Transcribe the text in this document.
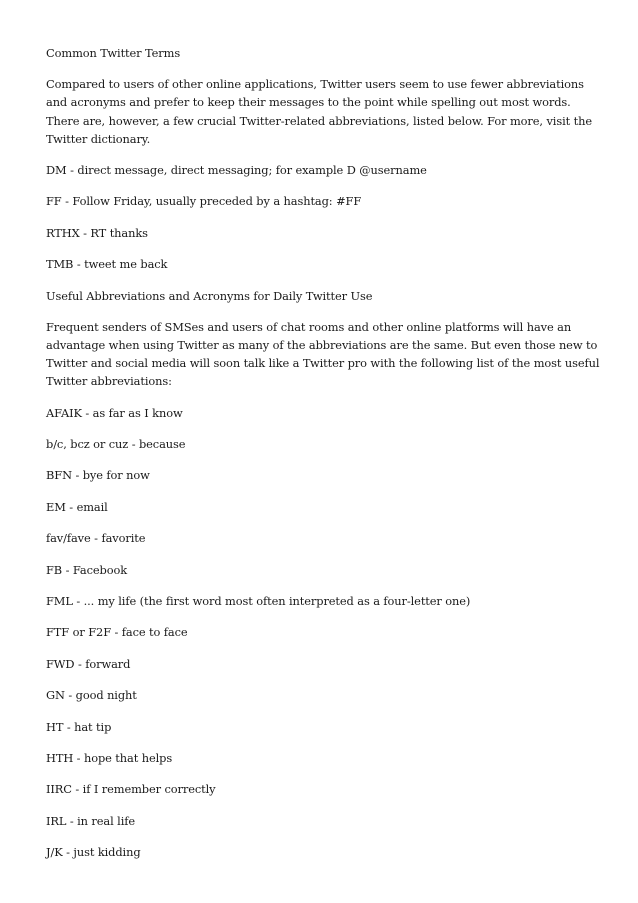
Common Twitter Terms

Compared to users of other online applications, Twitter users seem to use fewer abbreviations and acronyms and prefer to keep their messages to the point while spelling out most words. There are, however, a few crucial Twitter-related abbreviations, listed below. For more, visit the Twitter dictionary.

DM - direct message, direct messaging; for example D @username

FF - Follow Friday, usually preceded by a hashtag: #FF

RTHX - RT thanks

TMB - tweet me back

Useful Abbreviations and Acronyms for Daily Twitter Use

Frequent senders of SMSes and users of chat rooms and other online platforms will have an advantage when using Twitter as many of the abbreviations are the same. But even those new to Twitter and social media will soon talk like a Twitter pro with the following list of the most useful Twitter abbreviations:

AFAIK - as far as I know

b/c, bcz or cuz - because

BFN - bye for now

EM - email

fav/fave - favorite

FB - Facebook

FML - ... my life (the first word most often interpreted as a four-letter one)

FTF or F2F - face to face

FWD - forward

GN - good night

HT - hat tip

HTH - hope that helps

IIRC - if I remember correctly

IRL - in real life

J/K - just kidding
